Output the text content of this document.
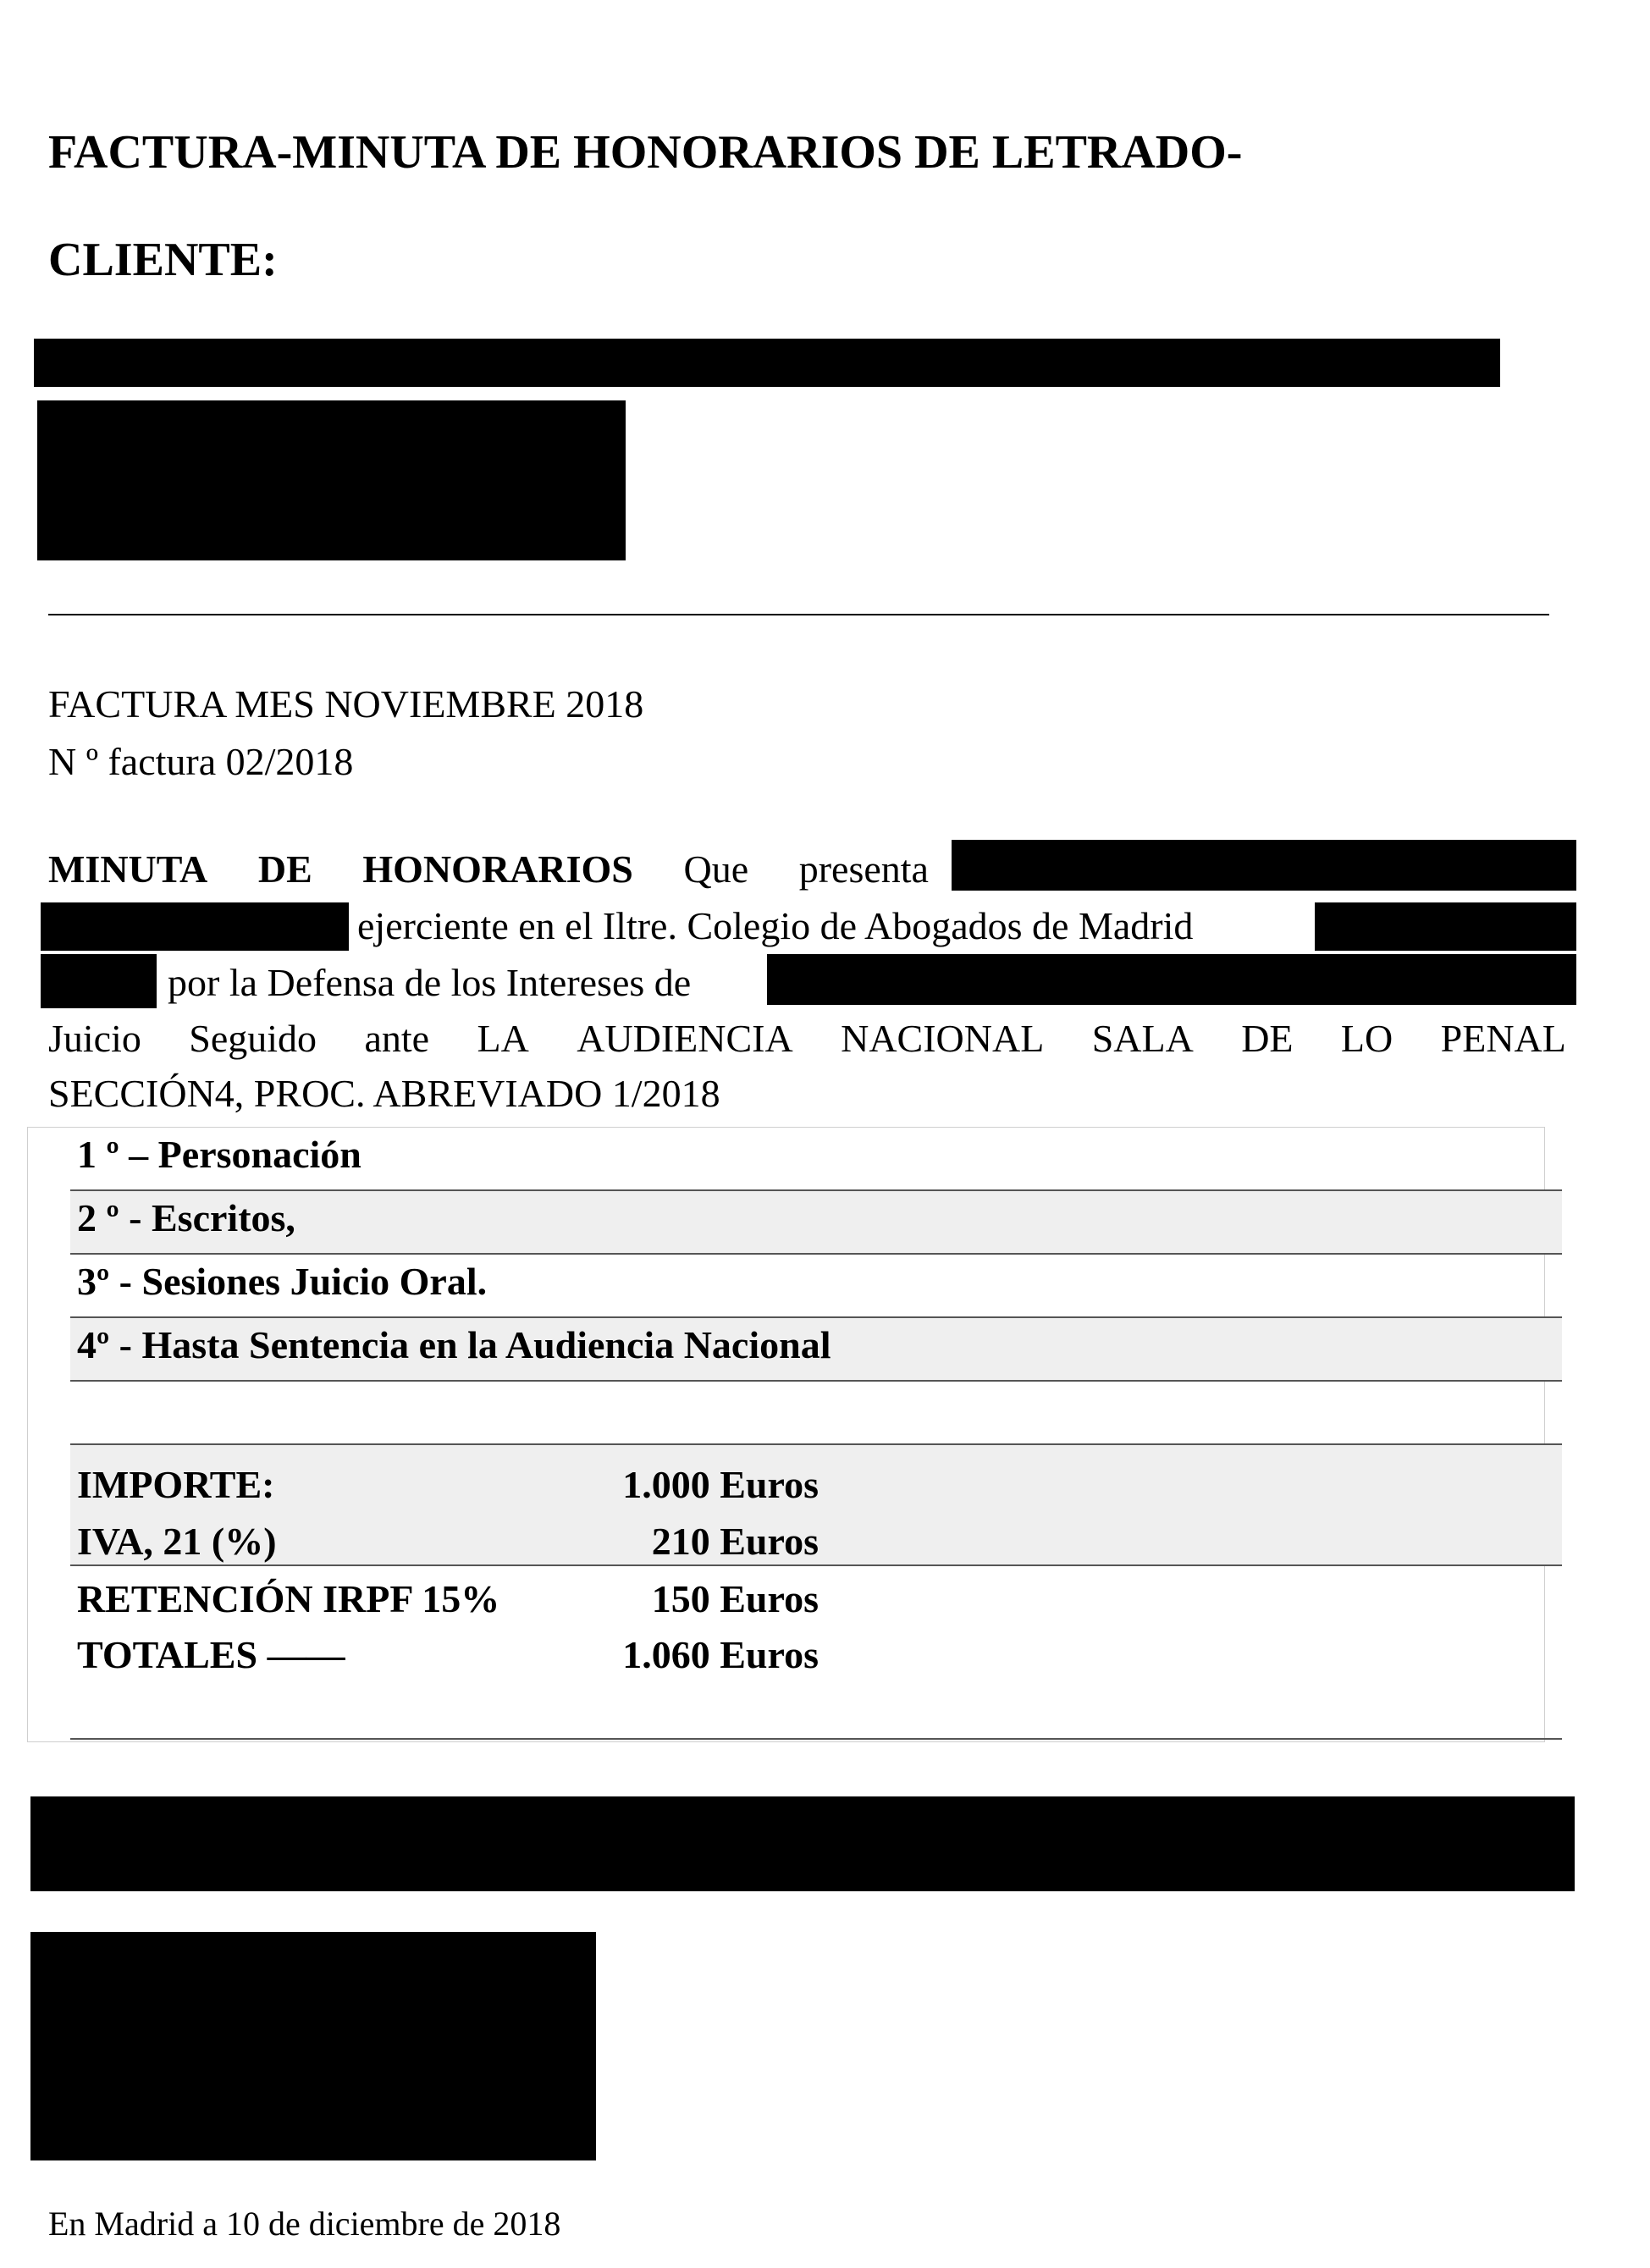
FACTURA-MINUTA DE HONORARIOS DE LETRADO-
CLIENTE:
FACTURA MES NOVIEMBRE 2018
N º factura 02/2018
MINUTA DE HONORARIOS Que presenta
ejerciente en el Iltre. Colegio de Abogados de Madrid
por la Defensa de los Intereses de
Juicio Seguido ante LA AUDIENCIA NACIONAL SALA DE LO PENAL
SECCIÓN4, PROC. ABREVIADO 1/2018
1 º – Personación
2 º - Escritos,
3º - Sesiones Juicio Oral.
4º - Hasta Sentencia en la Audiencia Nacional
IMPORTE:	1.000 Euros
IVA, 21 (%)	210 Euros
RETENCIÓN IRPF 15%	150 Euros
TOTALES ——	1.060 Euros
En Madrid a 10 de diciembre de 2018
